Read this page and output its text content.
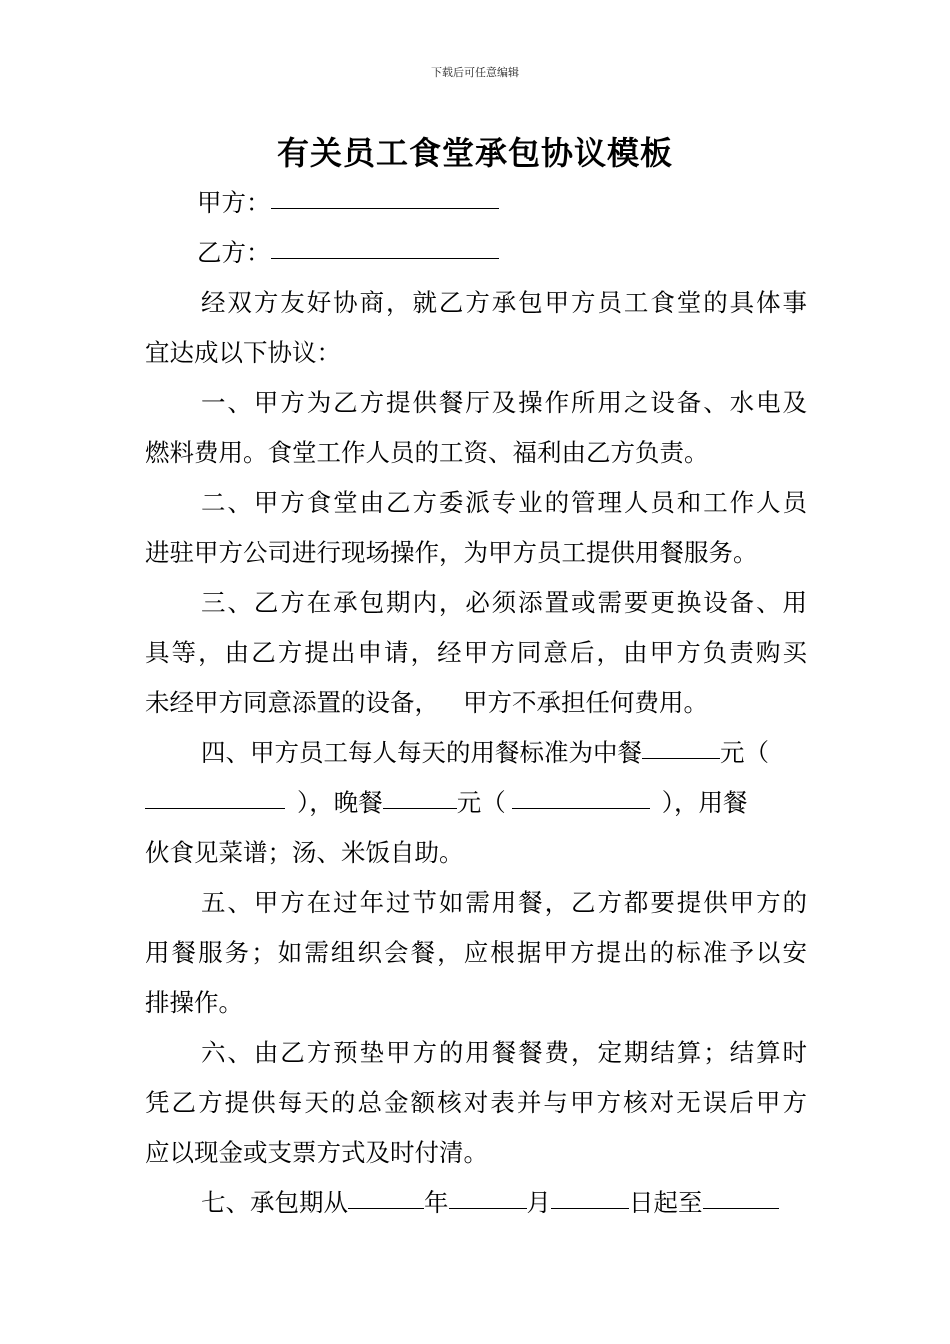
下载后可任意编辑
有关员工食堂承包协议模板
甲方：
乙方：
经双方友好协商，就乙方承包甲方员工食堂的具体事
宜达成以下协议：
一、甲方为乙方提供餐厅及操作所用之设备、水电及
燃料费用。食堂工作人员的工资、福利由乙方负责。
二、甲方食堂由乙方委派专业的管理人员和工作人员
进驻甲方公司进行现场操作，为甲方员工提供用餐服务。
三、乙方在承包期内，必须添置或需要更换设备、用
具等，由乙方提出申请，经甲方同意后，由甲方负责购买
未经甲方同意添置的设备， 甲方不承担任何费用。
四、甲方员工每人每天的用餐标准为中餐	元（
），晚餐	元（	），用餐
伙食见菜谱；汤、米饭自助。
五、甲方在过年过节如需用餐，乙方都要提供甲方的
用餐服务；如需组织会餐，应根据甲方提出的标准予以安
排操作。
六、由乙方预垫甲方的用餐餐费，定期结算；结算时
凭乙方提供每天的总金额核对表并与甲方核对无误后甲方
应以现金或支票方式及时付清。
七、承包期从	年	月	日起至
